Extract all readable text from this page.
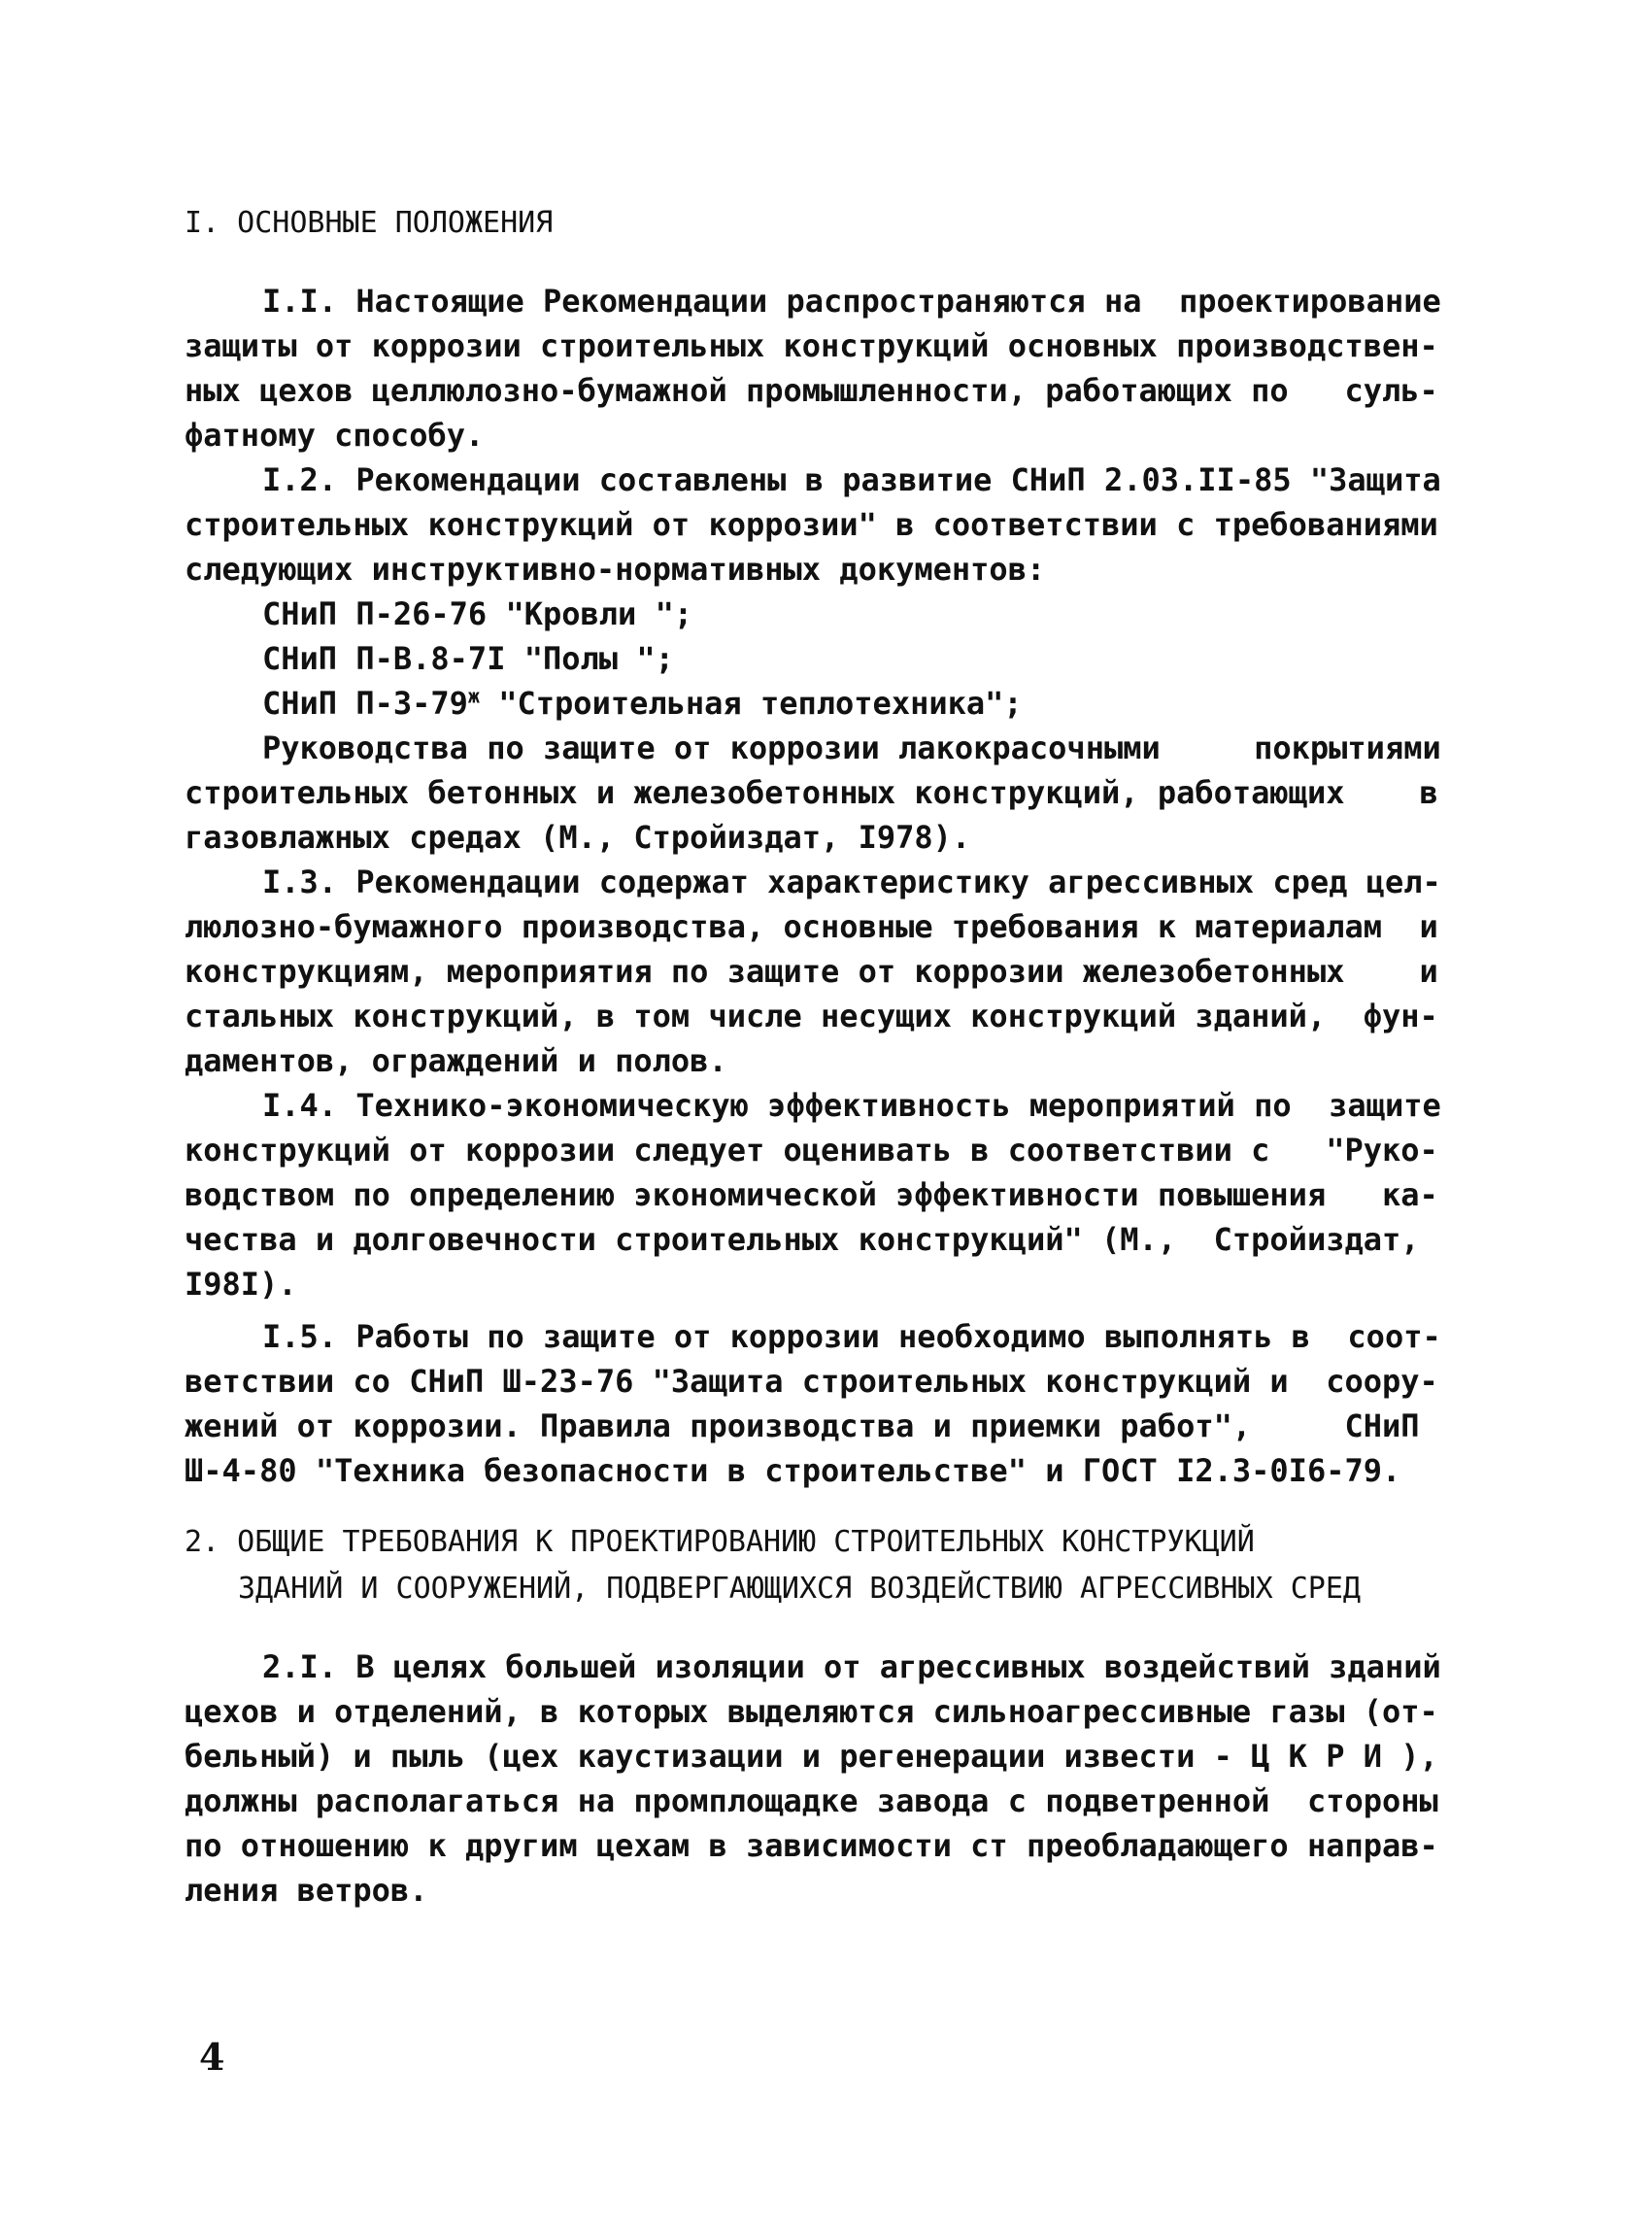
I. ОСНОВНЫЕ ПОЛОЖЕНИЯ
I.I. Настоящие Рекомендации распространяются на  проектирование
защиты от коррозии строительных конструкций основных производствен-
ных цехов целлюлозно-бумажной промышленности, работающих по   суль-
фатному способу.
I.2. Рекомендации составлены в развитие СНиП 2.03.II-85 "Защита
строительных конструкций от коррозии" в соответствии с требованиями
следующих инструктивно-нормативных документов:
СНиП П-26-76 "Кровли ";
СНиП П-В.8-7I "Полы ";
СНиП $П-3-79^ж$ "Строительная теплотехника";
Руководства по защите от коррозии лакокрасочными     покрытиями
строительных бетонных и железобетонных конструкций, работающих    в
газовлажных средах (М., Стройиздат, I978).
I.3. Рекомендации содержат характеристику агрессивных сред цел-
люлозно-бумажного производства, основные требования к материалам  и
конструкциям, мероприятия по защите от коррозии железобетонных    и
стальных конструкций, в том числе несущих конструкций зданий,  фун-
даментов, ограждений и полов.
I.4. Технико-экономическую эффективность мероприятий по  защите
конструкций от коррозии следует оценивать в соответствии с   "Руко-
водством по определению экономической эффективности повышения   ка-
чества и долговечности строительных конструкций" (М.,  Стройиздат,
I98I).
I.5. Работы по защите от коррозии необходимо выполнять в  соот-
ветствии со СНиП Ш-23-76 "Защита строительных конструкций и  соору-
жений от коррозии. Правила производства и приемки работ",     СНиП
Ш-4-80 "Техника безопасности в строительстве" и ГОСТ I2.3-0I6-79.
2. ОБЩИЕ ТРЕБОВАНИЯ К ПРОЕКТИРОВАНИЮ СТРОИТЕЛЬНЫХ КОНСТРУКЦИЙ
ЗДАНИЙ И СООРУЖЕНИЙ, ПОДВЕРГАЮЩИХСЯ ВОЗДЕЙСТВИЮ АГРЕССИВНЫХ СРЕД
2.I. В целях большей изоляции от агрессивных воздействий зданий
цехов и отделений, в которых выделяются сильноагрессивные газы (от-
бельный) и пыль (цех каустизации и регенерации извести - Ц К Р И ),
должны располагаться на промплощадке завода с подветренной  стороны
по отношению к другим цехам в зависимости ст преобладающего направ-
ления ветров.
4
